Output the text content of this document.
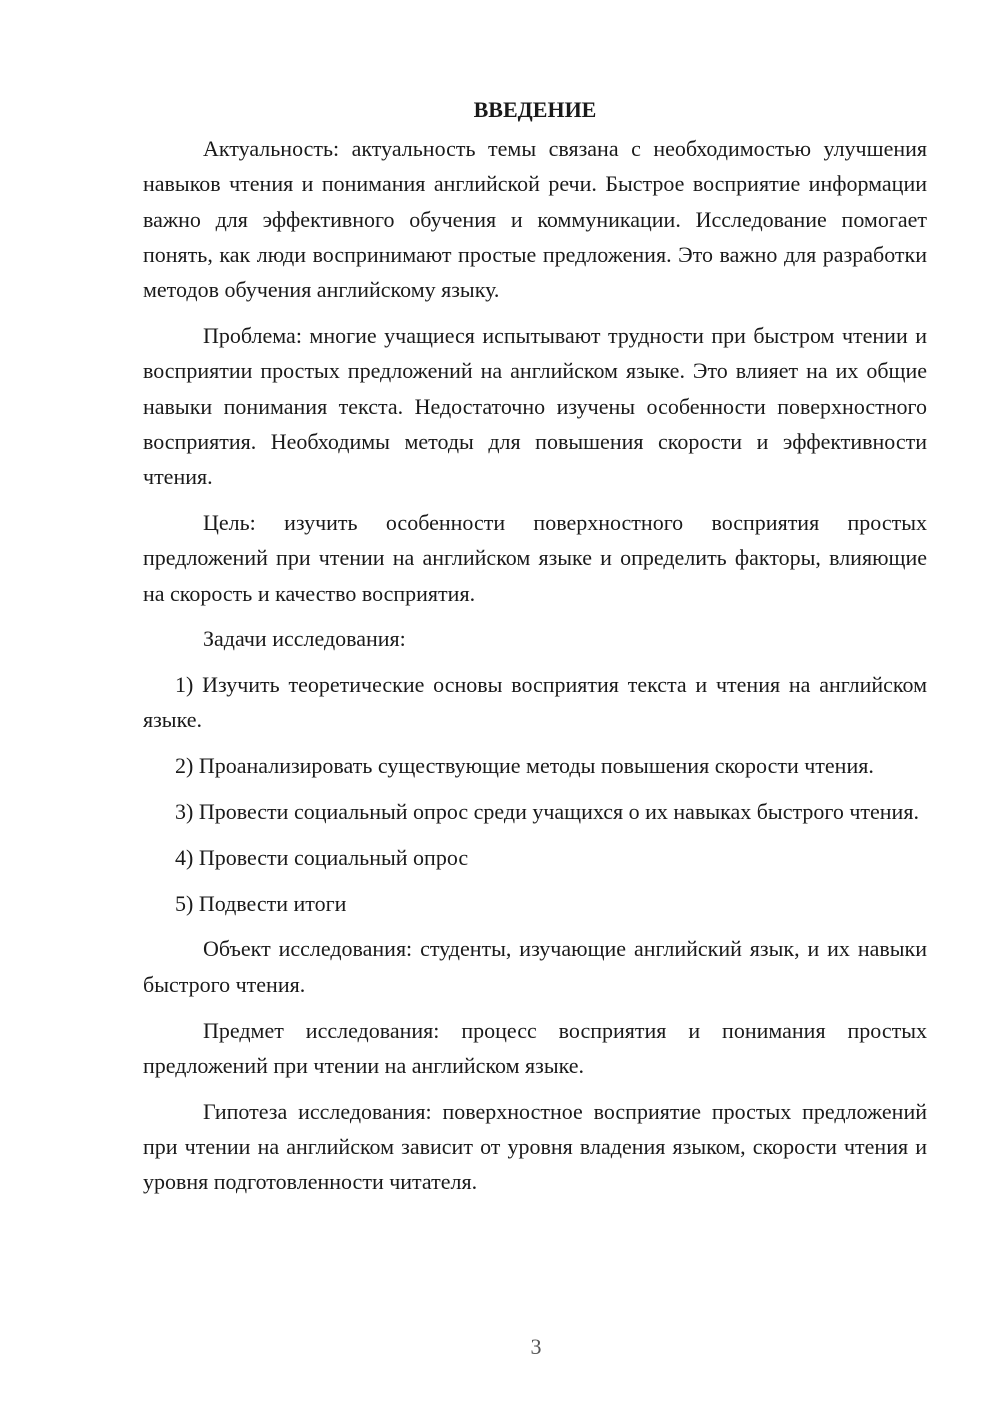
ВВЕДЕНИЕ

Актуальность: актуальность темы связана с необходимостью улучшения навыков чтения и понимания английской речи. Быстрое восприятие информации важно для эффективного обучения и коммуникации. Исследование помогает понять, как люди воспринимают простые предложения. Это важно для разработки методов обучения английскому языку.

Проблема: многие учащиеся испытывают трудности при быстром чтении и восприятии простых предложений на английском языке. Это влияет на их общие навыки понимания текста. Недостаточно изучены особенности поверхностного восприятия. Необходимы методы для повышения скорости и эффективности чтения.

Цель: изучить особенности поверхностного восприятия простых предложений при чтении на английском языке и определить факторы, влияющие на скорость и качество восприятия.

Задачи исследования:

1) Изучить теоретические основы восприятия текста и чтения на английском языке.

2) Проанализировать существующие методы повышения скорости чтения.

3) Провести социальный опрос среди учащихся о их навыках быстрого чтения.

4) Провести социальный опрос

5) Подвести итоги

Объект исследования: студенты, изучающие английский язык, и их навыки быстрого чтения.

Предмет исследования: процесс восприятия и понимания простых предложений при чтении на английском языке.

Гипотеза исследования: поверхностное восприятие простых предложений при чтении на английском зависит от уровня владения языком, скорости чтения и уровня подготовленности читателя.

3
